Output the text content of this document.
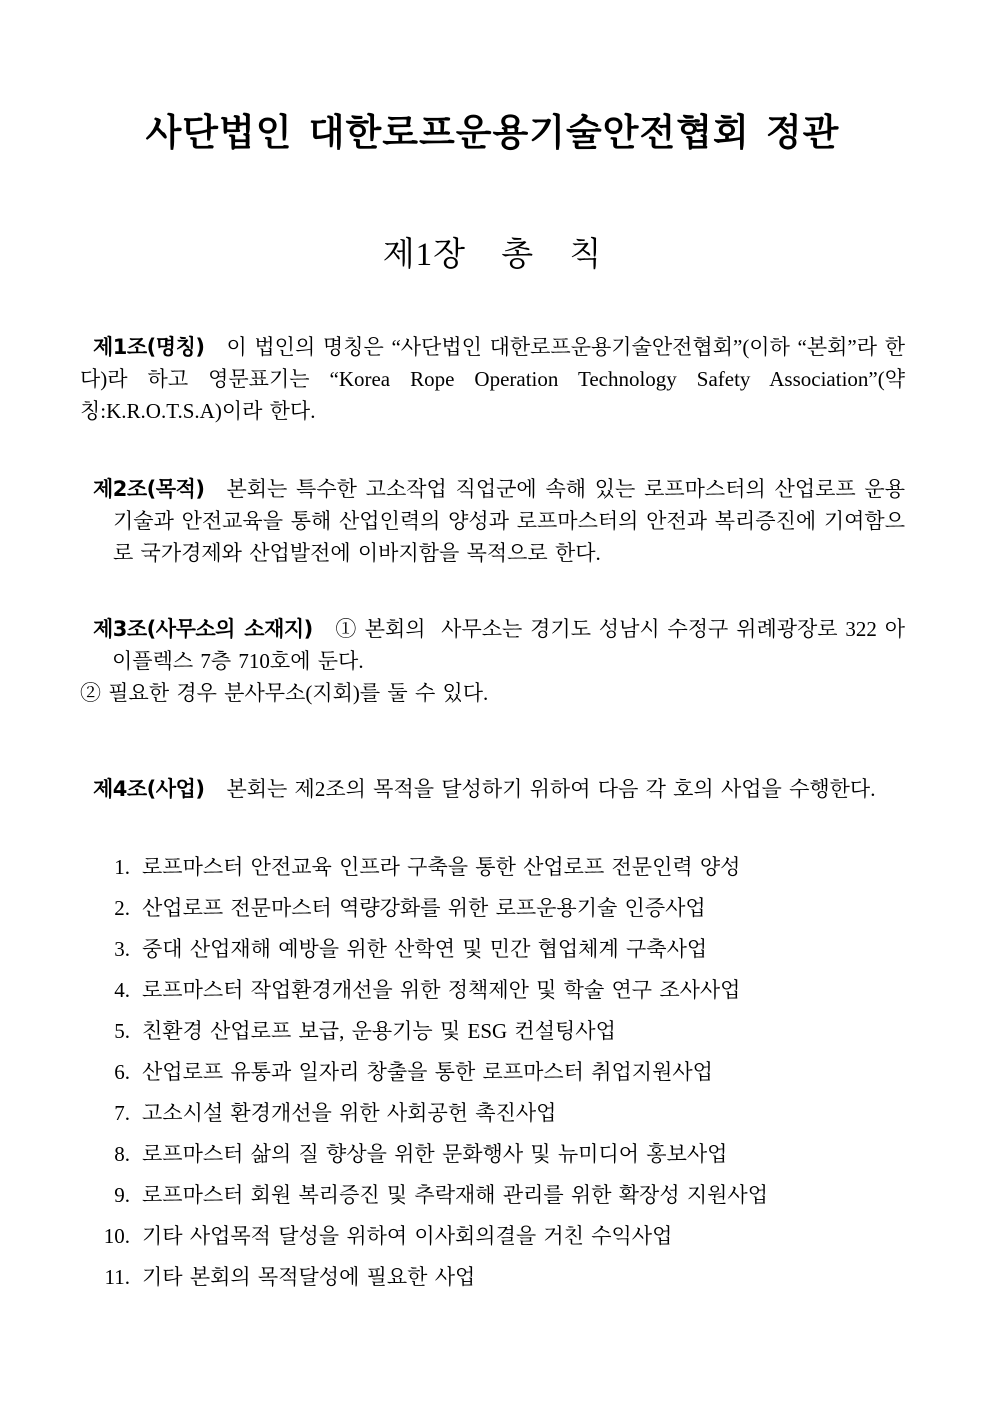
사단법인 대한로프운용기술안전협회 정관
제1장 총 칙

제1조(명칭) 이 법인의 명칭은 “사단법인 대한로프운용기술안전협회”(이하 “본회”라 한다)라 하고 영문표기는 “Korea Rope Operation Technology Safety Association”(약칭:K.R.O.T.S.A)이라 한다.

제2조(목적) 본회는 특수한 고소작업 직업군에 속해 있는 로프마스터의 산업로프 운용기술과 안전교육을 통해 산업인력의 양성과 로프마스터의 안전과 복리증진에 기여함으로 국가경제와 산업발전에 이바지함을 목적으로 한다.

제3조(사무소의 소재지) ① 본회의  사무소는 경기도 성남시 수정구 위례광장로 322 아이플렉스 7층 710호에 둔다.

② 필요한 경우 분사무소(지회)를 둘 수 있다.

제4조(사업) 본회는 제2조의 목적을 달성하기 위하여 다음 각 호의 사업을 수행한다.

1. 로프마스터 안전교육 인프라 구축을 통한 산업로프 전문인력 양성
2. 산업로프 전문마스터 역량강화를 위한 로프운용기술 인증사업
3. 중대 산업재해 예방을 위한 산학연 및 민간 협업체계 구축사업
4. 로프마스터 작업환경개선을 위한 정책제안 및 학술 연구 조사사업
5. 친환경 산업로프 보급, 운용기능 및 ESG 컨설팅사업
6. 산업로프 유통과 일자리 창출을 통한 로프마스터 취업지원사업
7. 고소시설 환경개선을 위한 사회공헌 촉진사업
8. 로프마스터 삶의 질 향상을 위한 문화행사 및 뉴미디어 홍보사업
9. 로프마스터 회원 복리증진 및 추락재해 관리를 위한 확장성 지원사업
10. 기타 사업목적 달성을 위하여 이사회의결을 거친 수익사업
11. 기타 본회의 목적달성에 필요한 사업
